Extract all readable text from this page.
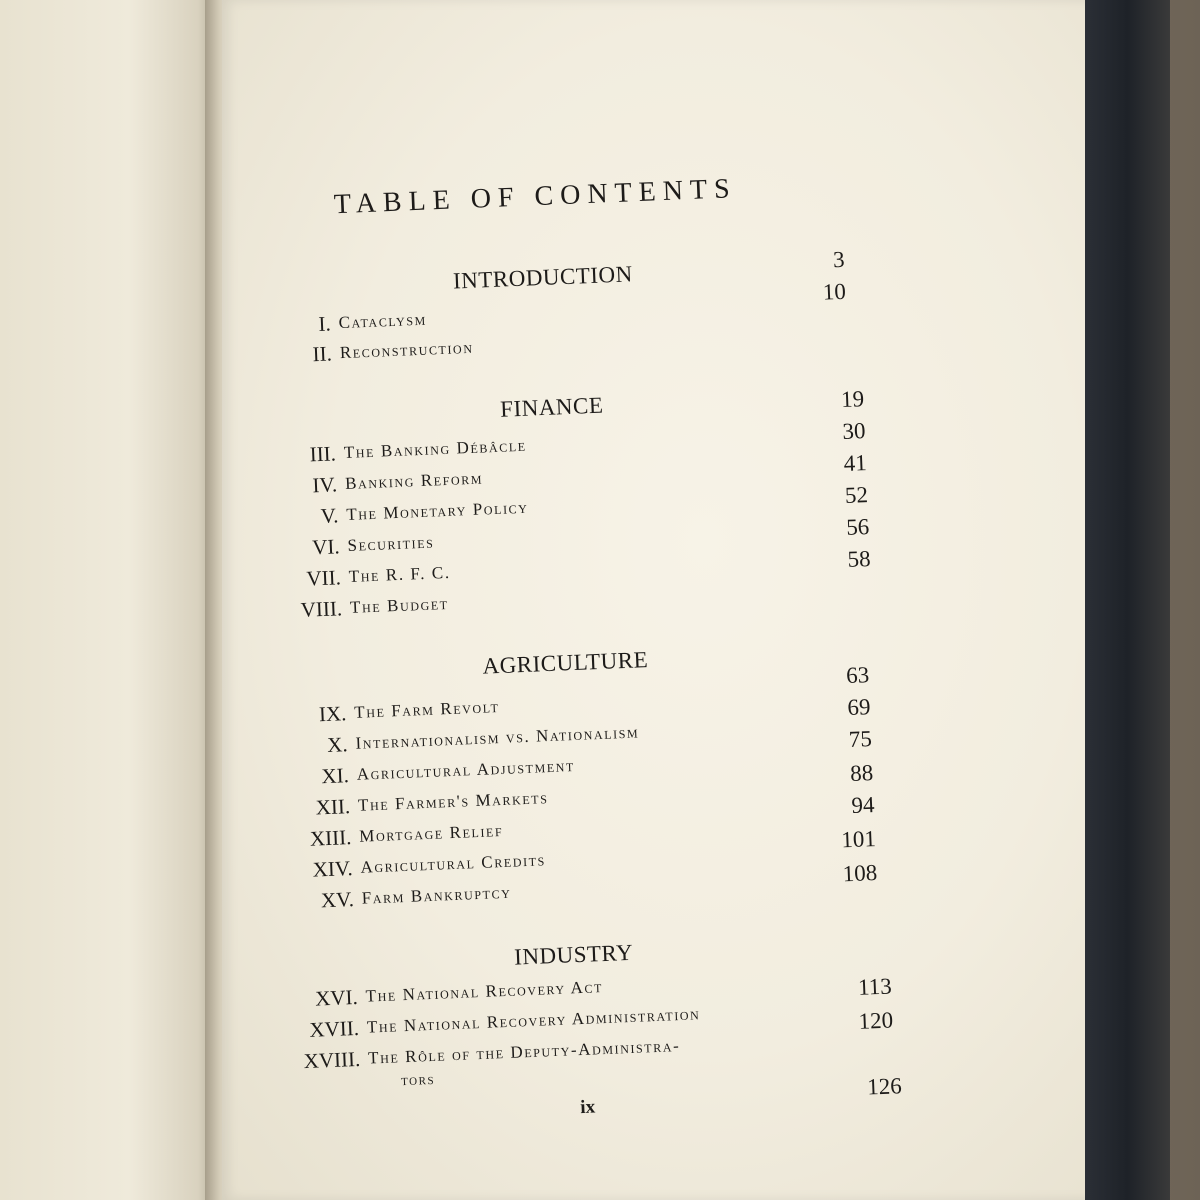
TABLE OF CONTENTS
INTRODUCTION
3
10
I. Cataclysm
II. Reconstruction
FINANCE	19
30
41
52
56
58
III. The Banking Débâcle
IV. Banking Reform
V. The Monetary Policy
VI. Securities
VII. The R. F. C.
VIII. The Budget
AGRICULTURE	63
69
75
88
94
101
108
IX. The Farm Revolt
X. Internationalism vs. Nationalism
XI. Agricultural Adjustment
XII. The Farmer's Markets
XIII. Mortgage Relief
XIV. Agricultural Credits
XV. Farm Bankruptcy
INDUSTRY
113
120
126
XVI. The National Recovery Act
XVII. The National Recovery Administration
XVIII. The Rôle of the Deputy-Administra-
tors
ix
